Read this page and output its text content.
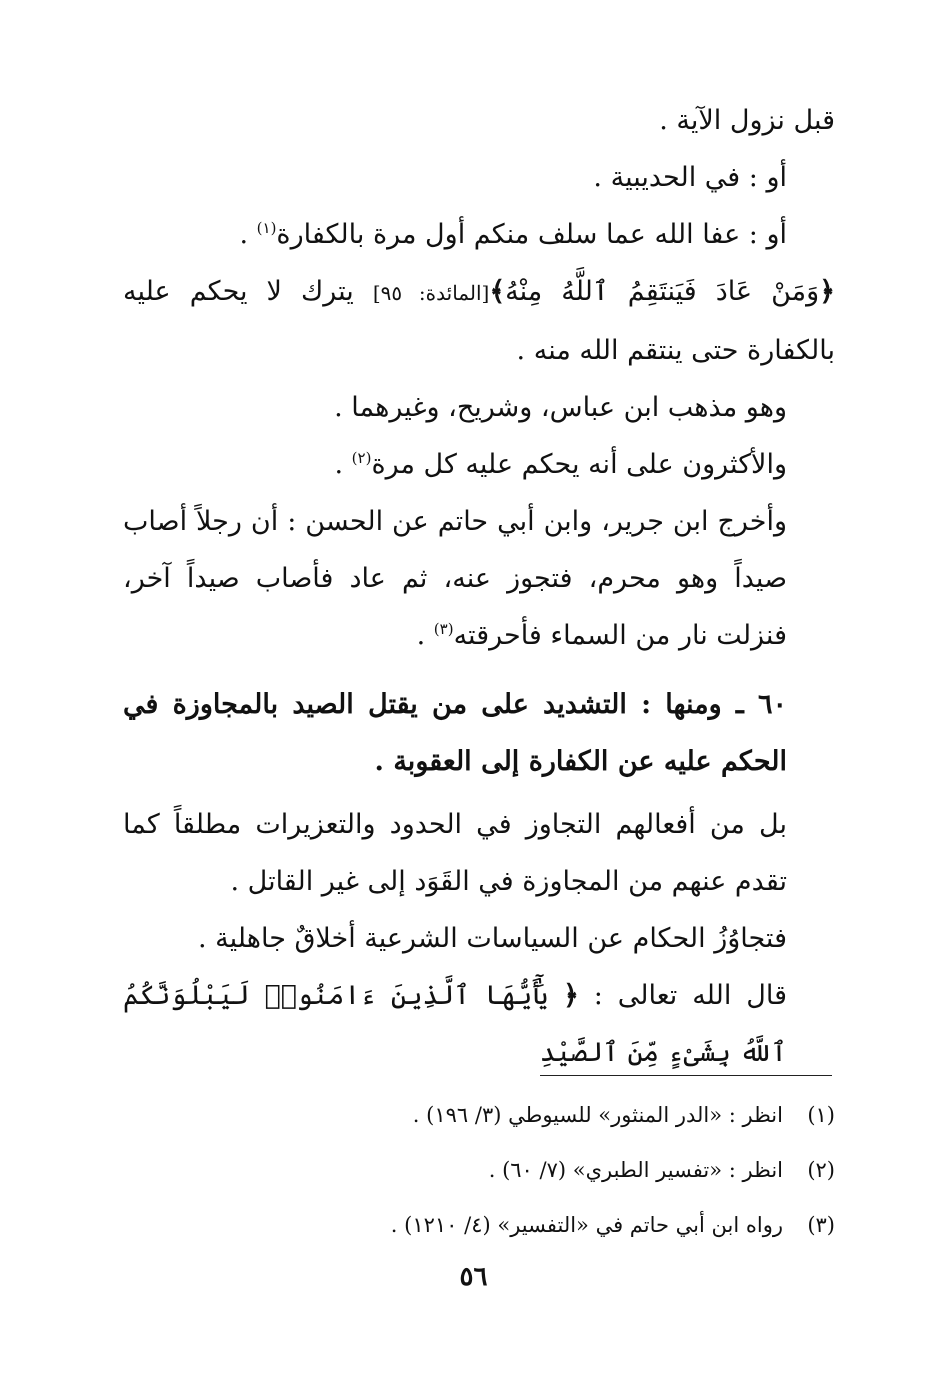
قبل نزول الآية .

أو : في الحديبية .

أو : عفا الله عما سلف منكم أول مرة بالكفارة$^{(١)}$ .

﴿وَمَنْ عَادَ فَيَنتَقِمُ ٱللَّهُ مِنْهُ﴾[المائدة: ٩٥] يترك لا يحكم عليه بالكفارة حتى ينتقم الله منه .

وهو مذهب ابن عباس، وشريح، وغيرهما .

والأكثرون على أنه يحكم عليه كل مرة$^{(٢)}$ .

وأخرج ابن جرير، وابن أبي حاتم عن الحسن : أن رجلاً أصاب صيداً وهو محرم، فتجوز عنه، ثم عاد فأصاب صيداً آخر، فنزلت نار من السماء فأحرقته$^{(٣)}$ .

٦٠ ـ ومنها : التشديد على من يقتل الصيد بالمجاوزة في الحكم عليه عن الكفارة إلى العقوبة .

بل من أفعالهم التجاوز في الحدود والتعزيرات مطلقاً كما تقدم عنهم من المجاوزة في القَوَد إلى غير القاتل .

فتجاوُزُ الحكام عن السياسات الشرعية أخلاقٌ جاهلية .

قال الله تعالى : ﴿ يَٰٓأَيُّهَا ٱلَّذِينَ ءَامَنُوا۟ لَيَبْلُوَنَّكُمُ ٱللَّهُ بِشَىْءٍ مِّنَ ٱلصَّيْدِ

(١)
انظر : «الدر المنثور» للسيوطي (٣/ ١٩٦) .
(٢)
انظر : «تفسير الطبري» (٧/ ٦٠) .
(٣)
رواه ابن أبي حاتم في «التفسير» (٤/ ١٢١٠) .
٥٦
